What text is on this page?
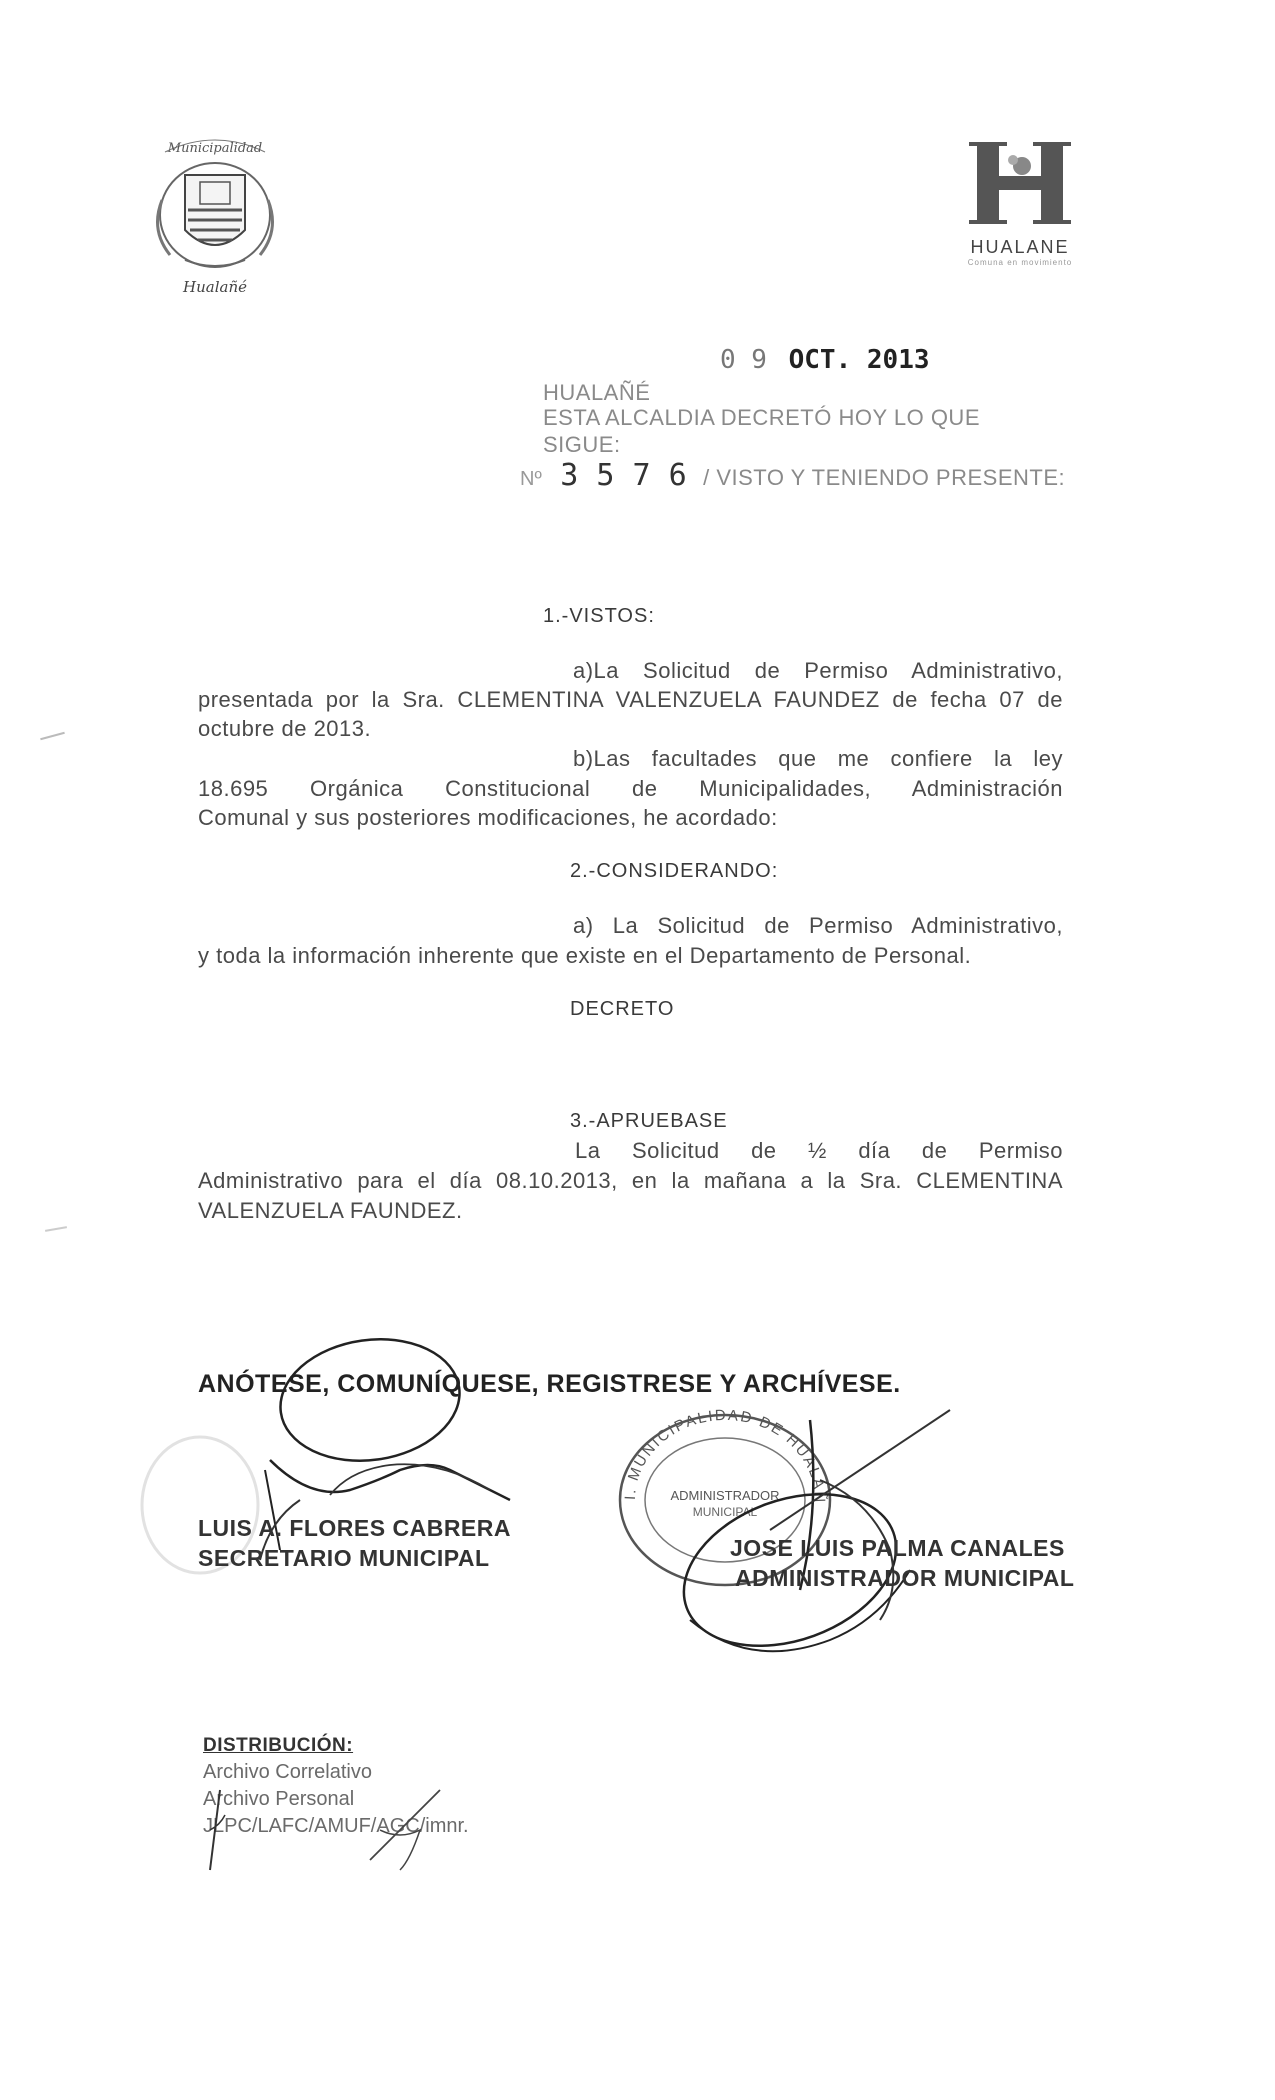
Municipalidad
Hualañé
HUALANE
Comuna en movimiento
0 9 OCT. 2013
HUALAÑÉ
ESTA ALCALDIA DECRETÓ HOY LO QUE
SIGUE:
Nº 3 5 7 6 / VISTO Y TENIENDO PRESENTE:
1.-VISTOS:
a)La Solicitud de Permiso Administrativo,
presentada por la Sra. CLEMENTINA VALENZUELA FAUNDEZ de fecha 07 de
octubre de 2013.
b)Las facultades que me confiere la ley
18.695 Orgánica Constitucional de Municipalidades, Administración
Comunal y sus posteriores modificaciones, he acordado:
2.-CONSIDERANDO:
a) La Solicitud de Permiso Administrativo,
y toda la información inherente que existe en el Departamento de Personal.
DECRETO
3.-APRUEBASE
La Solicitud de ½ día de Permiso
Administrativo para el día 08.10.2013, en la mañana a la Sra. CLEMENTINA
VALENZUELA FAUNDEZ.
ANÓTESE, COMUNÍQUESE, REGISTRESE Y ARCHÍVESE.
LUIS A. FLORES CABRERA
SECRETARIO MUNICIPAL
I. MUNICIPALIDAD DE HUALAÑ
ADMINISTRADOR
MUNICIPAL
JOSE LUIS PALMA CANALES
ADMINISTRADOR MUNICIPAL
DISTRIBUCIÓN:
Archivo Correlativo
Archivo Personal
JLPC/LAFC/AMUF/AGC/imnr.
